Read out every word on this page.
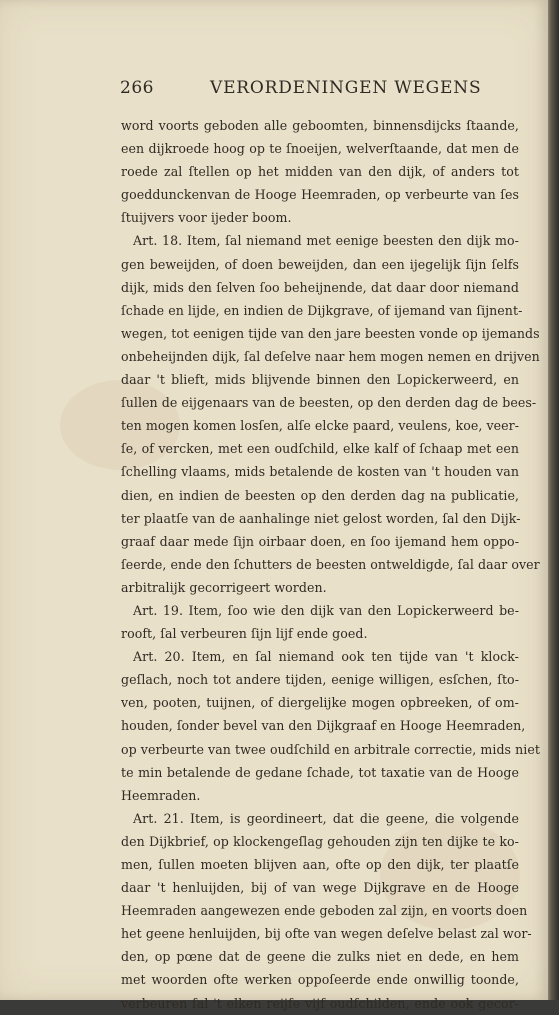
266	VERORDENINGEN WEGENS
word voorts geboden alle geboomten, binnensdijcks ſtaande,
een dijkroede hoog op te ſnoeijen, welverſtaande, dat men de
roede zal ſtellen op het midden van den dijk, of anders tot
goeddunckenvan de Hooge Heemraden, op verbeurte van ſes
ſtuijvers voor ijeder boom.
Art. 18. Item, ſal niemand met eenige beesten den dijk mo-
gen beweijden, of doen beweijden, dan een ijegelijk ſijn ſelfs
dijk, mids den ſelven ſoo beheijnende, dat daar door niemand
ſchade en lijde, en indien de Dijkgrave, of ijemand van ſijnent-
wegen, tot eenigen tijde van den jare beesten vonde op ijemands
onbeheijnden dijk, ſal deſelve naar hem mogen nemen en drijven
daar 't blieft, mids blijvende binnen den Lopickerweerd, en
ſullen de eijgenaars van de beesten, op den derden dag de bees-
ten mogen komen losſen, alſe elcke paard, veulens, koe, veer-
ſe, of vercken, met een oudſchild, elke kalf of ſchaap met een
ſchelling vlaams, mids betalende de kosten van 't houden van
dien, en indien de beesten op den derden dag na publicatie,
ter plaatſe van de aanhalinge niet gelost worden, ſal den Dijk-
graaf daar mede ſijn oirbaar doen, en ſoo ijemand hem oppo-
ſeerde, ende den ſchutters de beesten ontweldigde, ſal daar over
arbitralijk gecorrigeert worden.
Art. 19. Item, ſoo wie den dijk van den Lopickerweerd be-
rooft, ſal verbeuren ſijn lijf ende goed.
Art. 20. Item, en ſal niemand ook ten tijde van 't klock-
geſlach, noch tot andere tijden, eenige willigen, esſchen, ſto-
ven, pooten, tuijnen, of diergelijke mogen opbreeken, of om-
houden, ſonder bevel van den Dijkgraaf en Hooge Heemraden,
op verbeurte van twee oudſchild en arbitrale correctie, mids niet
te min betalende de gedane ſchade, tot taxatie van de Hooge
Heemraden.
Art. 21. Item, is geordineert, dat die geene, die volgende
den Dijkbrief, op klockengeſlag gehouden zijn ten dijke te ko-
men, ſullen moeten blijven aan, ofte op den dijk, ter plaatſe
daar 't henluijden, bij of van wege Dijkgrave en de Hooge
Heemraden aangewezen ende geboden zal zijn, en voorts doen
het geene henluijden, bij ofte van wegen deſelve belast zal wor-
den, op pœne dat de geene die zulks niet en dede, en hem
met woorden ofte werken oppoſeerde ende onwillig toonde,
verbeuren ſal 't elken reijſe vijf oudſchilden, ende ook gecor-
